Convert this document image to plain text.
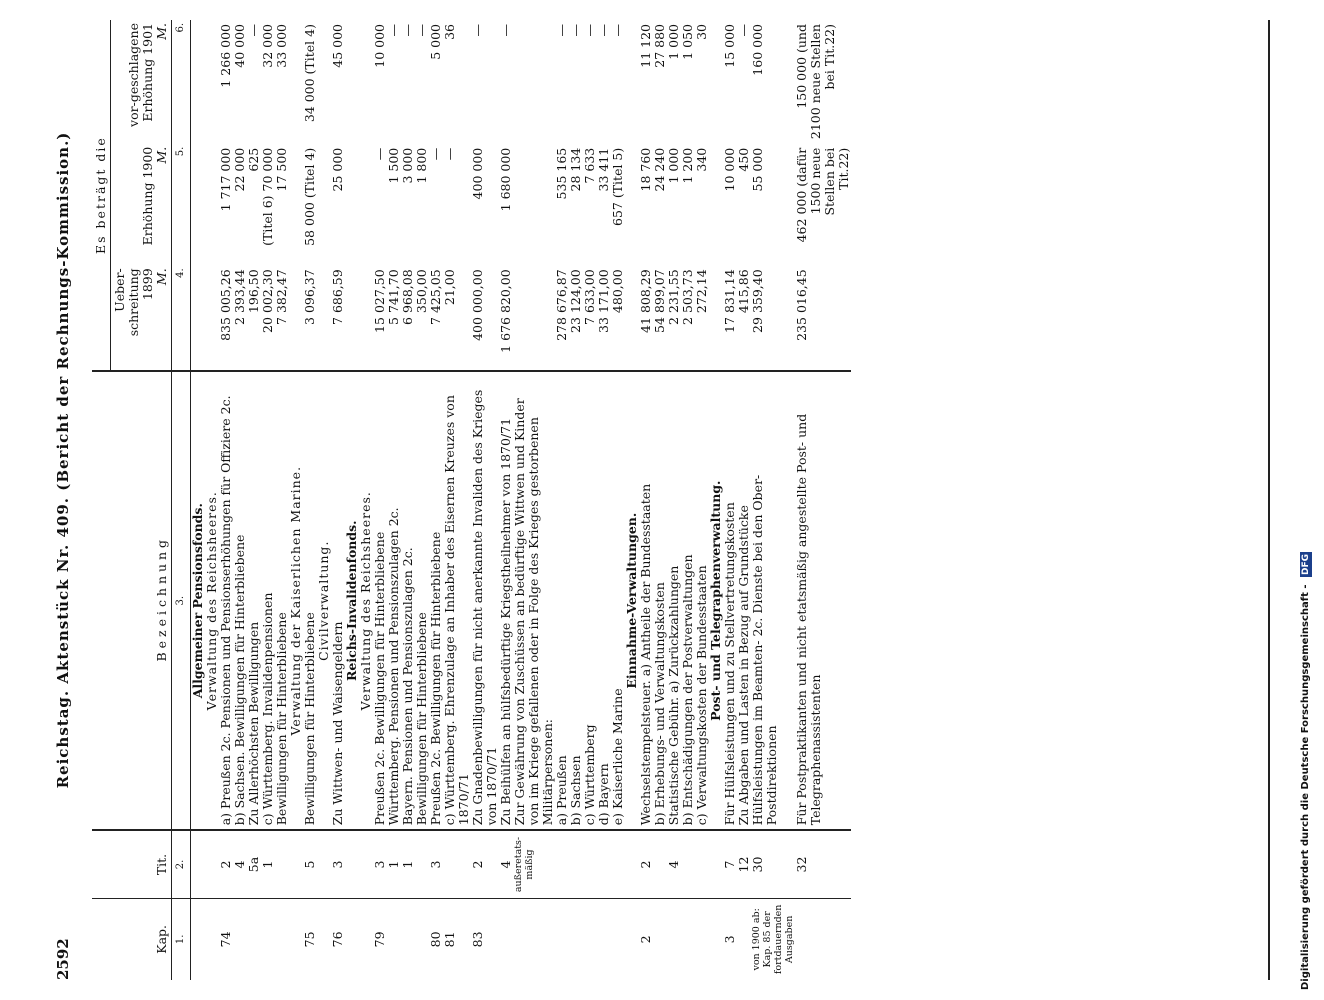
2592
Reichstag. Aktenstück Nr. 409. (Bericht der Rechnungs-Kommission.)
Kap.	Tit.	B e z e i c h n u n g	Es beträgt die		
			Ueber-schreitung 1899
M.	Erhöhung 1900
M.	vor-geschlagene Erhöhung 1901
M.
1.	2.	3.	4.	5.	6.
		Allgemeiner Pensionsfonds.			
		Verwaltung des Reichsheeres.			
74	2	a) Preußen 2c. Pensionen und Pensionserhöhungen für Offiziere 2c.	835 005,26	1 717 000	1 266 000
	4	b) Sachsen. Bewilligungen für Hinterbliebene	2 393,44	22 000	40 000
	5a	Zu Allerhöchsten Bewilligungen	196,50	625	—
	1	c) Württemberg. Invalidenpensionen	20 002,30	(Titel 6) 70 000	32 000
		Bewilligungen für Hinterbliebene	7 382,47	17 500	33 000
		Verwaltung der Kaiserlichen Marine.			
75	5	Bewilligungen für Hinterbliebene	3 096,37	58 000 (Titel 4)	34 000 (Titel 4)
		Civilverwaltung.			
76	3	Zu Wittwen- und Waisengeldern	7 686,59	25 000	45 000
		Reichs-Invalidenfonds.			
		Verwaltung des Reichsheeres.			
79	3	Preußen 2c. Bewilligungen für Hinterbliebene	15 027,50	—	10 000
	1	Württemberg. Pensionen und Pensionszulagen 2c.	5 741,70	1 500	—
	1	Bayern. Pensionen und Pensionszulagen 2c.	6 968,08	3 000	—
		Bewilligungen für Hinterbliebene	350,00	1 800	—
80	3	Preußen 2c. Bewilligungen für Hinterbliebene	7 425,05	—	5 000
81		c) Württemberg. Ehrenzulage an Inhaber des Eisernen Kreuzes von 1870/71	21,00	—	36
83	2	Zu Gnadenbewilligungen für nicht anerkannte Invaliden des Krieges von 1870/71	400 000,00	400 000	—
	4	Zu Beihülfen an hülfsbedürftige Kriegstheilnehmer von 1870/71	1 676 820,00	1 680 000	—
	außeretats-mäßig	Zur Gewährung von Zuschüssen an bedürftige Wittwen und Kinder von im Kriege gefallenen oder in Folge des Krieges gestorbenen Militärpersonen:			
		a) Preußen	278 676,87	535 165	—
		b) Sachsen	23 124,00	28 134	—
		c) Württemberg	7 633,00	7 633	—
		d) Bayern	33 171,00	33 411	—
		e) Kaiserliche Marine	480,00	657 (Titel 5)	—
		Einnahme-Verwaltungen.			
2	2	Wechselstempelsteuer. a) Antheile der Bundesstaaten	41 808,29	18 760	11 120
		b) Erhebungs- und Verwaltungskosten	54 899,07	24 240	27 880
	4	Statistische Gebühr. a) Zurückzahlungen	2 231,55	1 000	1 000
		b) Entschädigungen der Postverwaltungen	2 503,73	1 200	1 050
		c) Verwaltungskosten der Bundesstaaten	272,14	340	30
		Post- und Telegraphenverwaltung.			
3	7	Für Hülfsleistungen und zu Stellvertretungskosten	17 831,14	10 000	15 000
	12	Zu Abgaben und Lasten in Bezug auf Grundstücke	415,86	450	—
von 1900 ab: Kap. 85 der fortdauernden Ausgaben	30	Hülfsleistungen im Beamten- 2c. Dienste bei den Ober-Postdirektionen	29 359,40	55 000	160 000
	32	Für Postpraktikanten und nicht etatsmäßig angestellte Post- und Telegraphenassistenten	235 016,45	462 000 (dafür 1500 neue Stellen bei Tit.22)	150 000 (und 2100 neue Stellen bei Tit.22)
Digitalisierung gefördert durch die Deutsche Forschungsgemeinschaft - DFG
